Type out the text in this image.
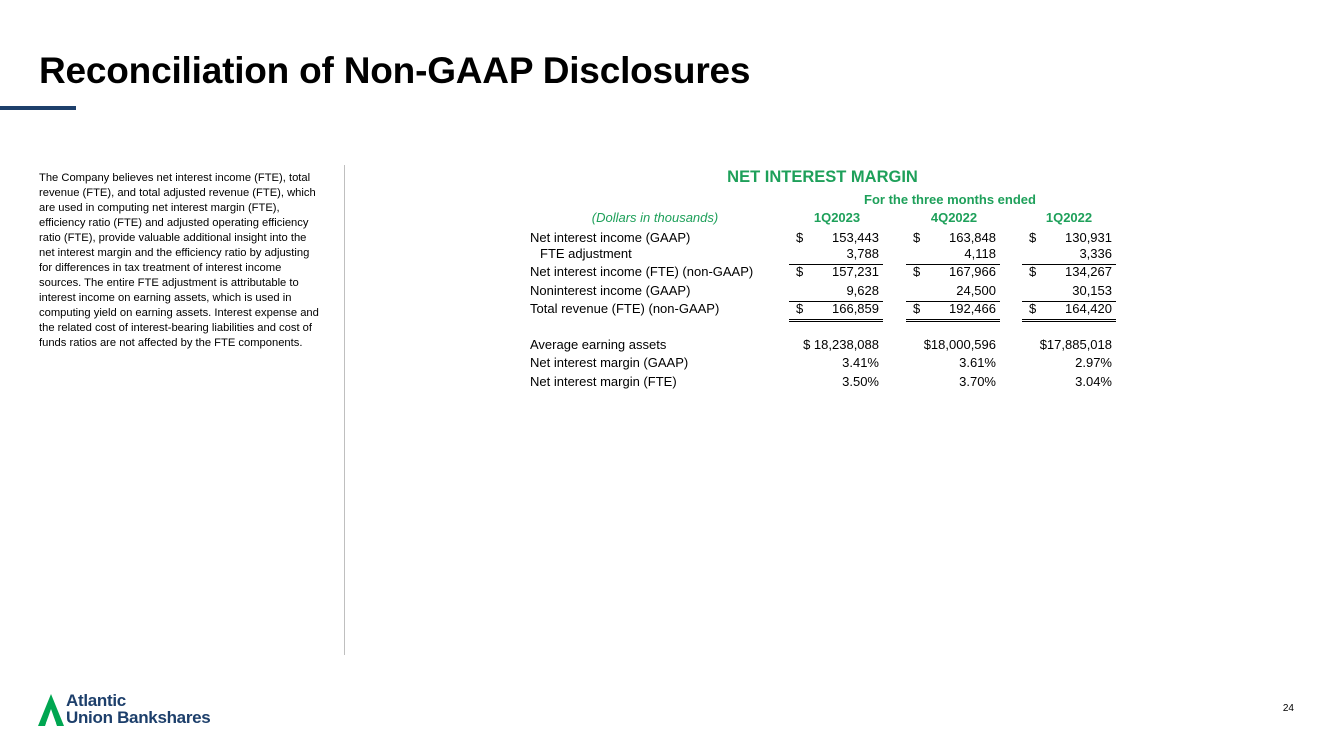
Reconciliation of Non-GAAP Disclosures
The Company believes net interest income (FTE), total revenue (FTE), and total adjusted revenue (FTE), which are used in computing net interest margin (FTE), efficiency ratio (FTE) and adjusted operating efficiency ratio (FTE), provide valuable additional insight into the net interest margin and the efficiency ratio by adjusting for differences in tax treatment of interest income sources. The entire FTE adjustment is attributable to interest income on earning assets, which is used in computing yield on earning assets. Interest expense and the related cost of interest-bearing liabilities and cost of funds ratios are not affected by the FTE components.
NET INTEREST MARGIN
For the three months ended
(Dollars in thousands)	1Q2023	4Q2022	1Q2022
Net interest income (GAAP)	$ 153,443	$ 163,848	$ 130,931
FTE adjustment	3,788	4,118	3,336
Net interest income (FTE) (non-GAAP)	$ 157,231	$ 167,966	$ 134,267
Noninterest income (GAAP)	9,628	24,500	30,153
Total revenue (FTE) (non-GAAP)	$ 166,859	$ 192,466	$ 164,420
Average earning assets	$ 18,238,088	$18,000,596	$17,885,018
Net interest margin (GAAP)	3.41%	3.61%	2.97%
Net interest margin (FTE)	3.50%	3.70%	3.04%
Atlantic
Union Bankshares	24
